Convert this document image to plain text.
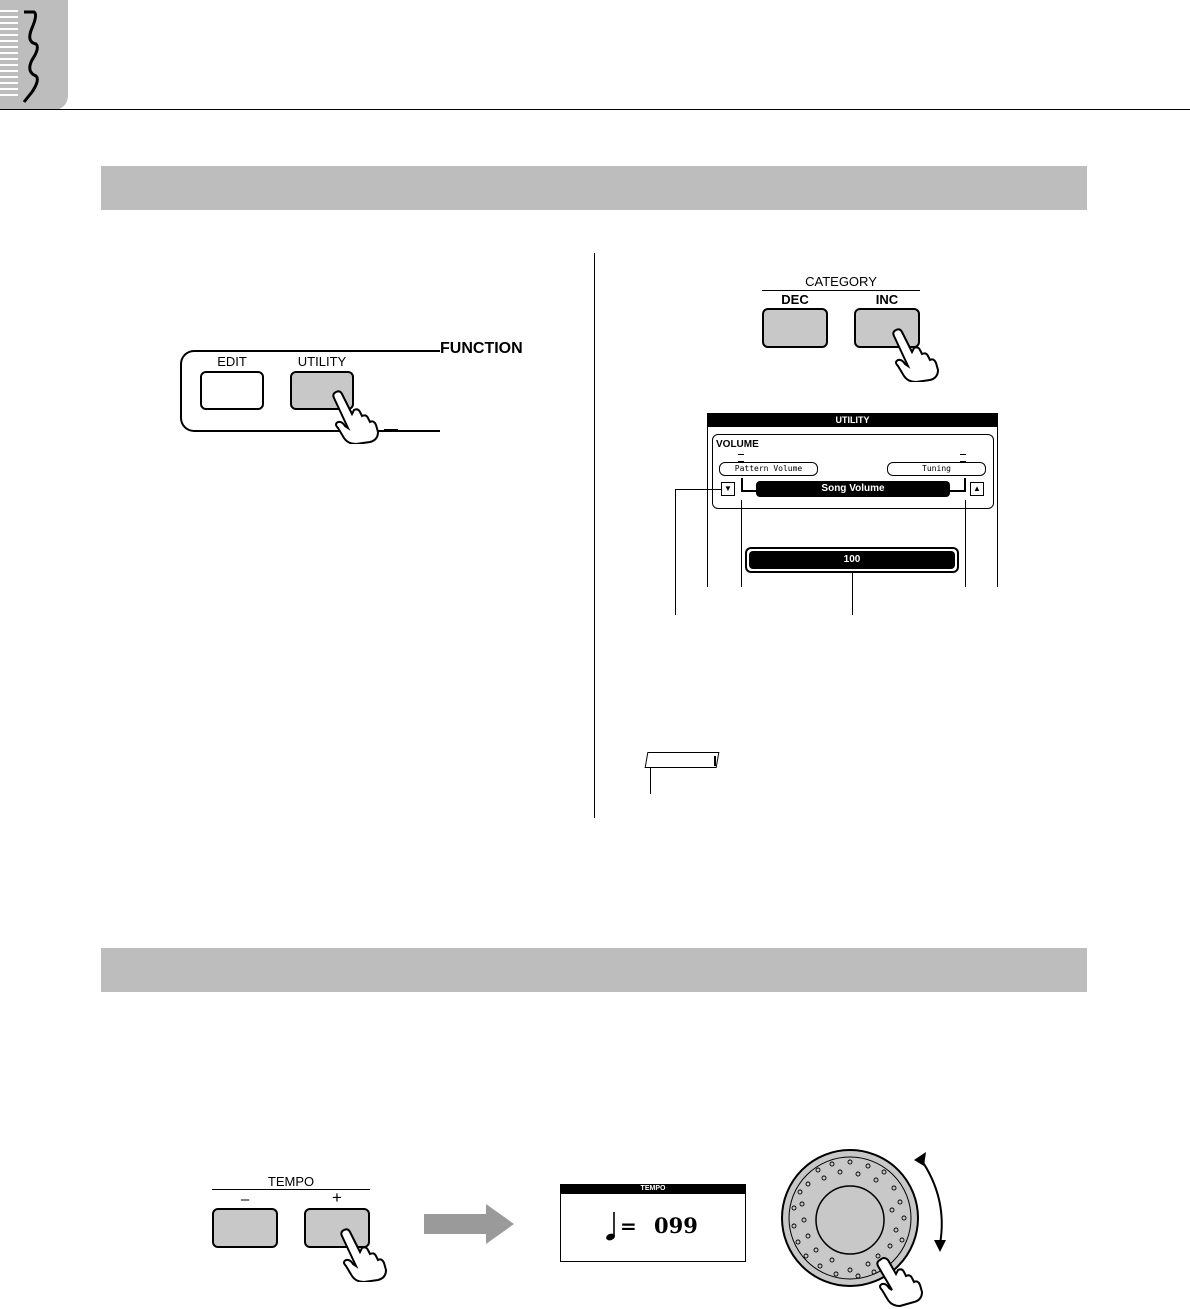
FUNCTION
EDIT	UTILITY
CATEGORY
DEC	INC
UTILITY
VOLUME
Pattern Volume	Tuning
▼	▲
Song Volume
100
TEMPO
–	+	TEMPO
= 099
